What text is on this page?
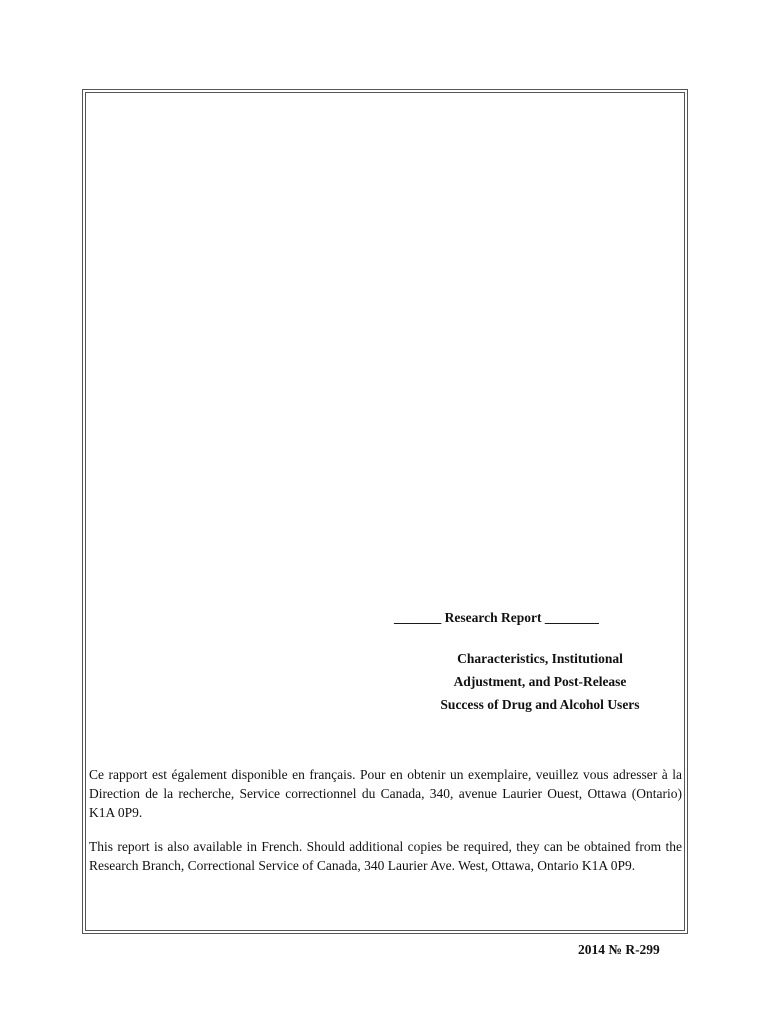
_______ Research Report ________
Characteristics, Institutional
Adjustment, and Post-Release
Success of Drug and Alcohol Users
Ce rapport est également disponible en français. Pour en obtenir un exemplaire, veuillez vous adresser à la Direction de la recherche, Service correctionnel du Canada, 340, avenue Laurier Ouest, Ottawa (Ontario) K1A 0P9.
This report is also available in French. Should additional copies be required, they can be obtained from the Research Branch, Correctional Service of Canada, 340 Laurier Ave. West, Ottawa, Ontario K1A 0P9.
2014 № R-299
